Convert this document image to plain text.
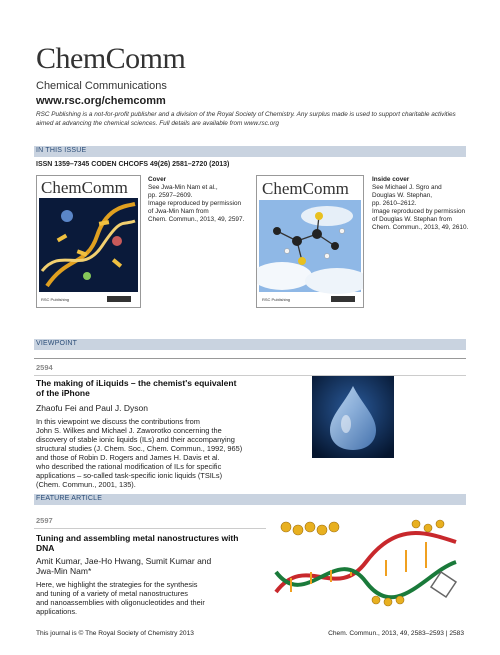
ChemComm
Chemical Communications
www.rsc.org/chemcomm
RSC Publishing is a not-for-profit publisher and a division of the Royal Society of Chemistry. Any surplus made is used to support charitable activities aimed at advancing the chemical sciences. Full details are available from www.rsc.org
IN THIS ISSUE
ISSN 1359–7345 CODEN CHCOFS 49(26) 2581–2720 (2013)
ChemComm
RSC Publishing
Cover
See Jwa-Min Nam et al.,
pp. 2597–2609.
Image reproduced by permission
of Jwa-Min Nam from
Chem. Commun., 2013, 49, 2597.
ChemComm
RSC Publishing
Inside cover
See Michael J. Sgro and
Douglas W. Stephan,
pp. 2610–2612.
Image reproduced by permission
of Douglas W. Stephan from
Chem. Commun., 2013, 49, 2610.
VIEWPOINT
2594
The making of iLiquids – the chemist's equivalent
of the iPhone
Zhaofu Fei and Paul J. Dyson
In this viewpoint we discuss the contributions from
John S. Wilkes and Michael J. Zaworotko concerning the
discovery of stable ionic liquids (ILs) and their accompanying
structural studies (J. Chem. Soc., Chem. Commun., 1992, 965)
and those of Robin D. Rogers and James H. Davis et al.
who described the rational modification of ILs for specific
applications – so-called task-specific ionic liquids (TSILs)
(Chem. Commun., 2001, 135).
FEATURE ARTICLE
2597
Tuning and assembling metal nanostructures with
DNA
Amit Kumar, Jae-Ho Hwang, Sumit Kumar and
Jwa-Min Nam*
Here, we highlight the strategies for the synthesis
and tuning of a variety of metal nanostructures
and nanoassemblies with oligonucleotides and their
applications.
This journal is © The Royal Society of Chemistry 2013	Chem. Commun., 2013, 49, 2583–2593 | 2583
